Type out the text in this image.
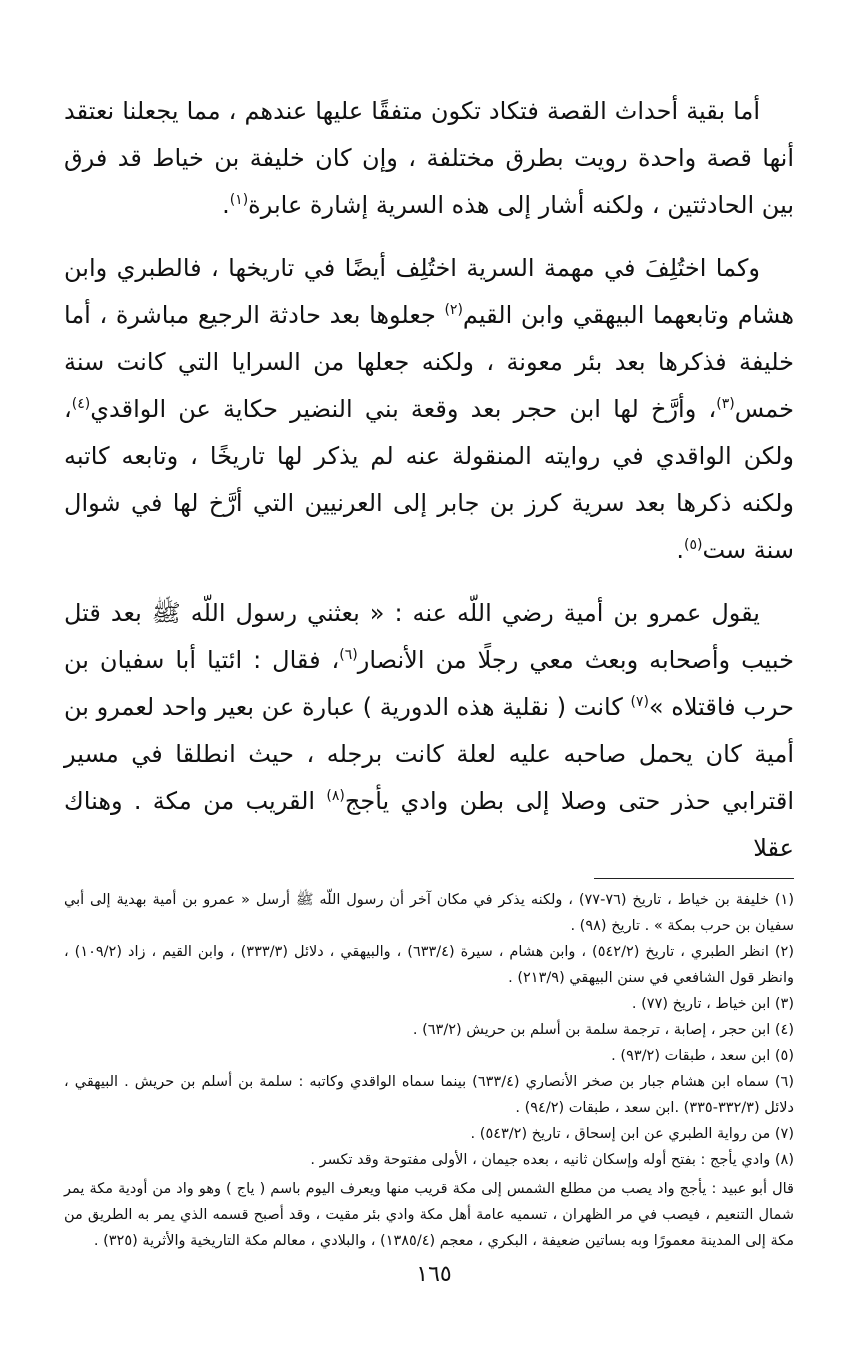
أما بقية أحداث القصة فتكاد تكون متفقًا عليها عندهم ، مما يجعلنا نعتقد أنها قصة واحدة رويت بطرق مختلفة ، وإن كان خليفة بن خياط قد فرق بين الحادثتين ، ولكنه أشار إلى هذه السرية إشارة عابرة$^{(١)}$.

وكما اختُلِفَ في مهمة السرية اختُلِف أيضًا في تاريخها ، فالطبري وابن هشام وتابعهما البيهقي وابن القيم$^{(٢)}$ جعلوها بعد حادثة الرجيع مباشرة ، أما خليفة فذكرها بعد بئر معونة ، ولكنه جعلها من السرايا التي كانت سنة خمس$^{(٣)}$، وأرَّخ لها ابن حجر بعد وقعة بني النضير حكاية عن الواقدي$^{(٤)}$، ولكن الواقدي في روايته المنقولة عنه لم يذكر لها تاريخًا ، وتابعه كاتبه ولكنه ذكرها بعد سرية كرز بن جابر إلى العرنيين التي أرَّخ لها في شوال سنة ست$^{(٥)}$.

يقول عمرو بن أمية رضي اللّه عنه : « بعثني رسول اللّه ﷺ بعد قتل خبيب وأصحابه وبعث معي رجلًا من الأنصار$^{(٦)}$، فقال : ائتيا أبا سفيان بن حرب فاقتلاه »$^{(٧)}$ كانت ( نقلية هذه الدورية ) عبارة عن بعير واحد لعمرو بن أمية كان يحمل صاحبه عليه لعلة كانت برجله ، حيث انطلقا في مسير اقترابي حذر حتى وصلا إلى بطن وادي يأجج$^{(٨)}$ القريب من مكة . وهناك عقلا

(١) خليفة بن خياط ، تاريخ (٧٦-٧٧) ، ولكنه يذكر في مكان آخر أن رسول اللّه ﷺ أرسل « عمرو بن أمية بهدية إلى أبي سفيان بن حرب بمكة » . تاريخ (٩٨) .

(٢) انظر الطبري ، تاريخ (٥٤٢/٢) ، وابن هشام ، سيرة (٦٣٣/٤) ، والبيهقي ، دلائل (٣٣٣/٣) ، وابن القيم ، زاد (١٠٩/٢) ، وانظر قول الشافعي في سنن البيهقي (٢١٣/٩) .

(٣) ابن خياط ، تاريخ (٧٧) .

(٤) ابن حجر ، إصابة ، ترجمة سلمة بن أسلم بن حريش (٦٣/٢) .

(٥) ابن سعد ، طبقات (٩٣/٢) .

(٦) سماه ابن هشام جبار بن صخر الأنصاري (٦٣٣/٤) بينما سماه الواقدي وكاتبه : سلمة بن أسلم بن حريش . البيهقي ، دلائل (٣٣٢/٣-٣٣٥) .ابن سعد ، طبقات (٩٤/٢) .

(٧) من رواية الطبري عن ابن إسحاق ، تاريخ (٥٤٣/٢) .

(٨) وادي يأجج : بفتح أوله وإسكان ثانيه ، بعده جيمان ، الأولى مفتوحة وقد تكسر .

قال أبو عبيد : يأجج واد يصب من مطلع الشمس إلى مكة قريب منها ويعرف اليوم باسم ( ياج ) وهو واد من أودية مكة يمر شمال التنعيم ، فيصب في مر الظهران ، تسميه عامة أهل مكة وادي بئر مقيت ، وقد أصبح قسمه الذي يمر به الطريق من مكة إلى المدينة معمورًا وبه بساتين ضعيفة ، البكري ، معجم (١٣٨٥/٤) ، والبلادي ، معالم مكة التاريخية والأثرية (٣٢٥) .

١٦٥
